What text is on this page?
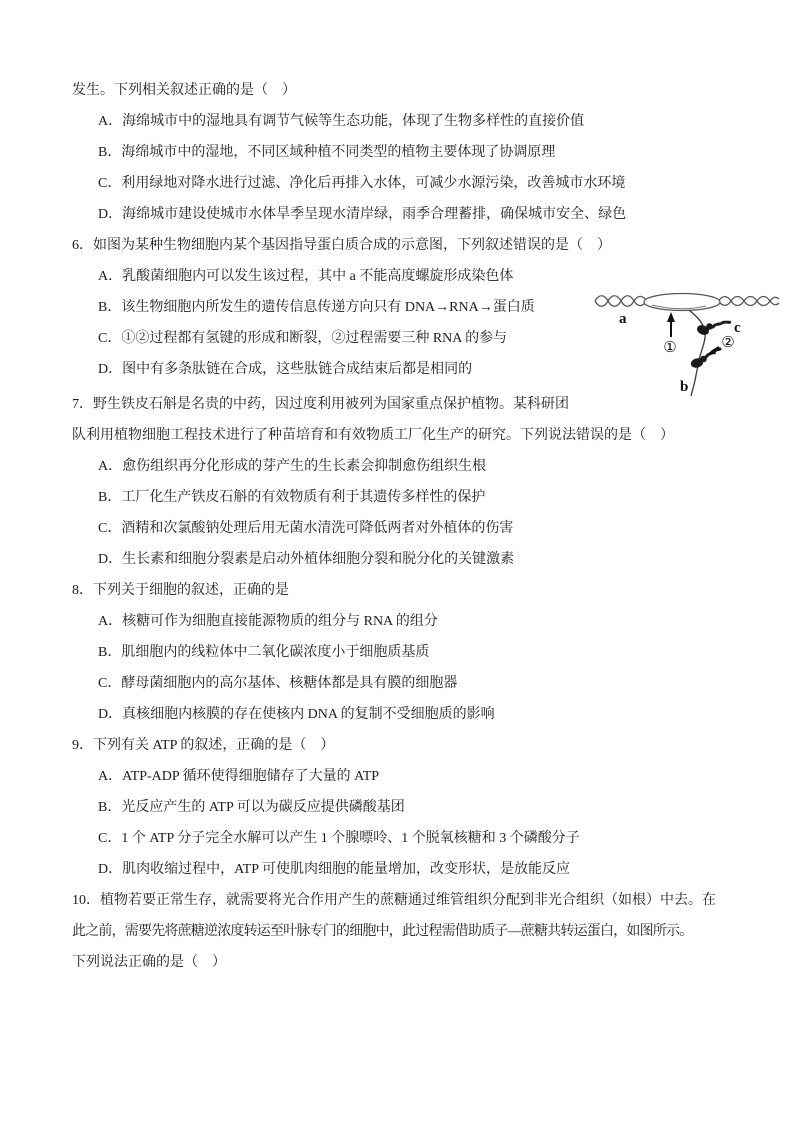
发生。下列相关叙述正确的是（　）
A．海绵城市中的湿地具有调节气候等生态功能，体现了生物多样性的直接价值
B．海绵城市中的湿地，不同区域种植不同类型的植物主要体现了协调原理
C．利用绿地对降水进行过滤、净化后再排入水体，可减少水源污染，改善城市水环境
D．海绵城市建设使城市水体旱季呈现水清岸绿，雨季合理蓄排，确保城市安全、绿色
6．如图为某种生物细胞内某个基因指导蛋白质合成的示意图，下列叙述错误的是（　）
A．乳酸菌细胞内可以发生该过程，其中 a 不能高度螺旋形成染色体
B．该生物细胞内所发生的遗传信息传递方向只有 DNA→RNA→蛋白质
C．①②过程都有氢键的形成和断裂，②过程需要三种 RNA 的参与
D．图中有多条肽链在合成，这些肽链合成结束后都是相同的
7．野生铁皮石斛是名贵的中药，因过度利用被列为国家重点保护植物。某科研团
队利用植物细胞工程技术进行了种苗培育和有效物质工厂化生产的研究。下列说法错误的是（　）
A．愈伤组织再分化形成的芽产生的生长素会抑制愈伤组织生根
B．工厂化生产铁皮石斛的有效物质有利于其遗传多样性的保护
C．酒精和次氯酸钠处理后用无菌水清洗可降低两者对外植体的伤害
D．生长素和细胞分裂素是启动外植体细胞分裂和脱分化的关键激素
8．下列关于细胞的叙述，正确的是
A．核糖可作为细胞直接能源物质的组分与 RNA 的组分
B．肌细胞内的线粒体中二氧化碳浓度小于细胞质基质
C．酵母菌细胞内的高尔基体、核糖体都是具有膜的细胞器
D．真核细胞内核膜的存在使核内 DNA 的复制不受细胞质的影响
9．下列有关 ATP 的叙述，正确的是（　）
A．ATP-ADP 循环使得细胞储存了大量的 ATP
B．光反应产生的 ATP 可以为碳反应提供磷酸基团
C．1 个 ATP 分子完全水解可以产生 1 个腺嘌呤、1 个脱氧核糖和 3 个磷酸分子
D．肌肉收缩过程中，ATP 可使肌肉细胞的能量增加，改变形状，是放能反应
10．植物若要正常生存，就需要将光合作用产生的蔗糖通过维管组织分配到非光合组织（如根）中去。在
此之前，需要先将蔗糖逆浓度转运至叶脉专门的细胞中，此过程需借助质子—蔗糖共转运蛋白，如图所示。
下列说法正确的是（　）
①	②
a
b
c
